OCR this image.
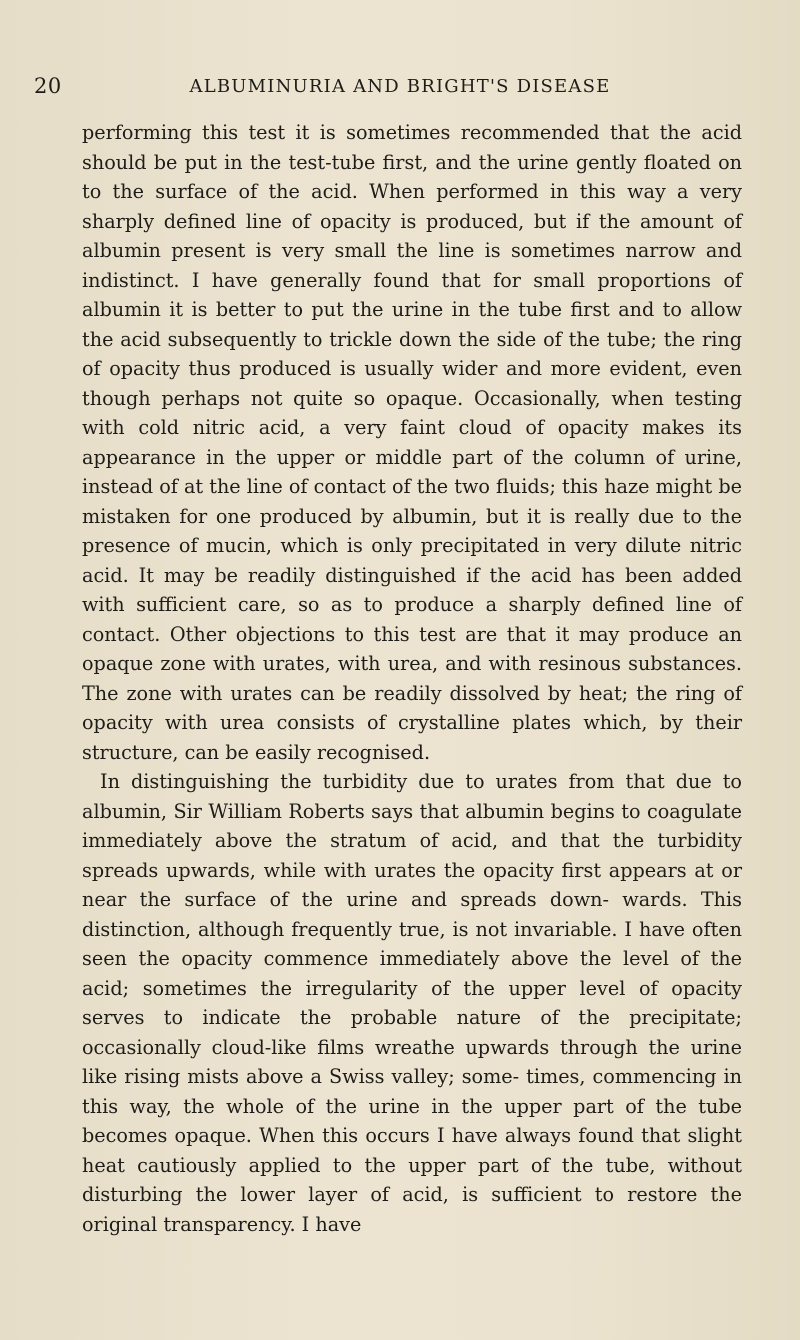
20	ALBUMINURIA AND BRIGHT'S DISEASE

performing this test it is sometimes recommended that the acid should be put in the test-tube first, and the urine gently floated on to the surface of the acid. When performed in this way a very sharply defined line of opacity is produced, but if the amount of albumin present is very small the line is sometimes narrow and indistinct. I have generally found that for small proportions of albumin it is better to put the urine in the tube first and to allow the acid subsequently to trickle down the side of the tube; the ring of opacity thus produced is usually wider and more evident, even though perhaps not quite so opaque. Occasionally, when testing with cold nitric acid, a very faint cloud of opacity makes its appearance in the upper or middle part of the column of urine, instead of at the line of contact of the two fluids; this haze might be mistaken for one produced by albumin, but it is really due to the presence of mucin, which is only precipitated in very dilute nitric acid. It may be readily distinguished if the acid has been added with sufficient care, so as to produce a sharply defined line of contact. Other objections to this test are that it may produce an opaque zone with urates, with urea, and with resinous substances. The zone with urates can be readily dissolved by heat; the ring of opacity with urea consists of crystalline plates which, by their structure, can be easily recognised.

In distinguishing the turbidity due to urates from that due to albumin, Sir William Roberts says that albumin begins to coagulate immediately above the stratum of acid, and that the turbidity spreads upwards, while with urates the opacity first appears at or near the surface of the urine and spreads down- wards. This distinction, although frequently true, is not invariable. I have often seen the opacity commence immediately above the level of the acid; sometimes the irregularity of the upper level of opacity serves to indicate the probable nature of the precipitate; occasionally cloud-like films wreathe upwards through the urine like rising mists above a Swiss valley; some- times, commencing in this way, the whole of the urine in the upper part of the tube becomes opaque. When this occurs I have always found that slight heat cautiously applied to the upper part of the tube, without disturbing the lower layer of acid, is sufficient to restore the original transparency. I have
